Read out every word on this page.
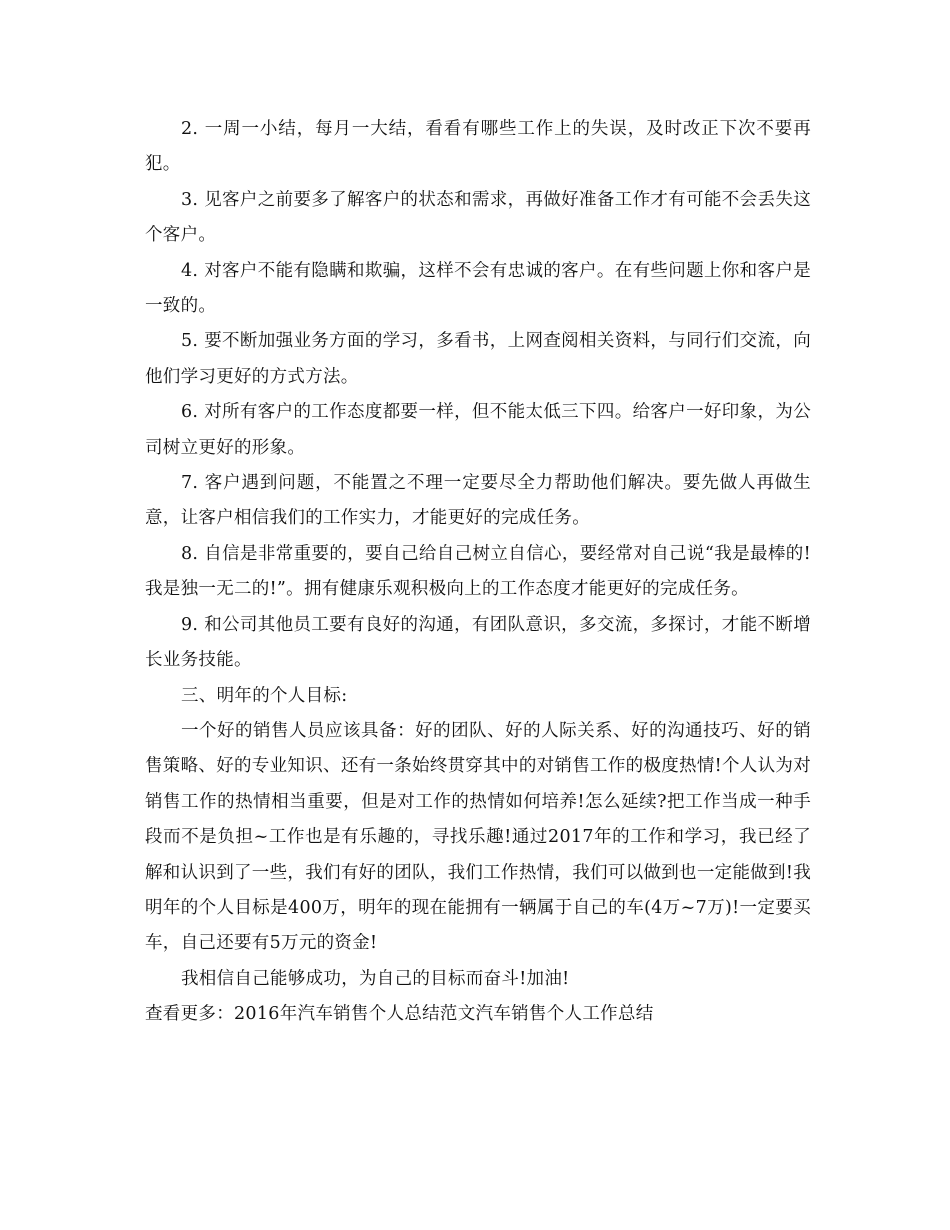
2. 一周一小结，每月一大结，看看有哪些工作上的失误，及时改正下次不要再犯。

3. 见客户之前要多了解客户的状态和需求，再做好准备工作才有可能不会丢失这个客户。

4. 对客户不能有隐瞒和欺骗，这样不会有忠诚的客户。在有些问题上你和客户是一致的。

5. 要不断加强业务方面的学习，多看书，上网查阅相关资料，与同行们交流，向他们学习更好的方式方法。

6. 对所有客户的工作态度都要一样，但不能太低三下四。给客户一好印象，为公司树立更好的形象。

7. 客户遇到问题，不能置之不理一定要尽全力帮助他们解决。要先做人再做生意，让客户相信我们的工作实力，才能更好的完成任务。

8. 自信是非常重要的，要自己给自己树立自信心，要经常对自己说“我是最棒的!我是独一无二的!”。拥有健康乐观积极向上的工作态度才能更好的完成任务。

9. 和公司其他员工要有良好的沟通，有团队意识，多交流，多探讨，才能不断增长业务技能。

三、明年的个人目标:

一个好的销售人员应该具备：好的团队、好的人际关系、好的沟通技巧、好的销售策略、好的专业知识、还有一条始终贯穿其中的对销售工作的极度热情!个人认为对销售工作的热情相当重要，但是对工作的热情如何培养!怎么延续?把工作当成一种手段而不是负担~工作也是有乐趣的，寻找乐趣!通过2017年的工作和学习，我已经了解和认识到了一些，我们有好的团队，我们工作热情，我们可以做到也一定能做到!我明年的个人目标是400万，明年的现在能拥有一辆属于自己的车(4万~7万)!一定要买车，自己还要有5万元的资金!

我相信自己能够成功，为自己的目标而奋斗!加油!

查看更多：2016年汽车销售个人总结范文汽车销售个人工作总结
